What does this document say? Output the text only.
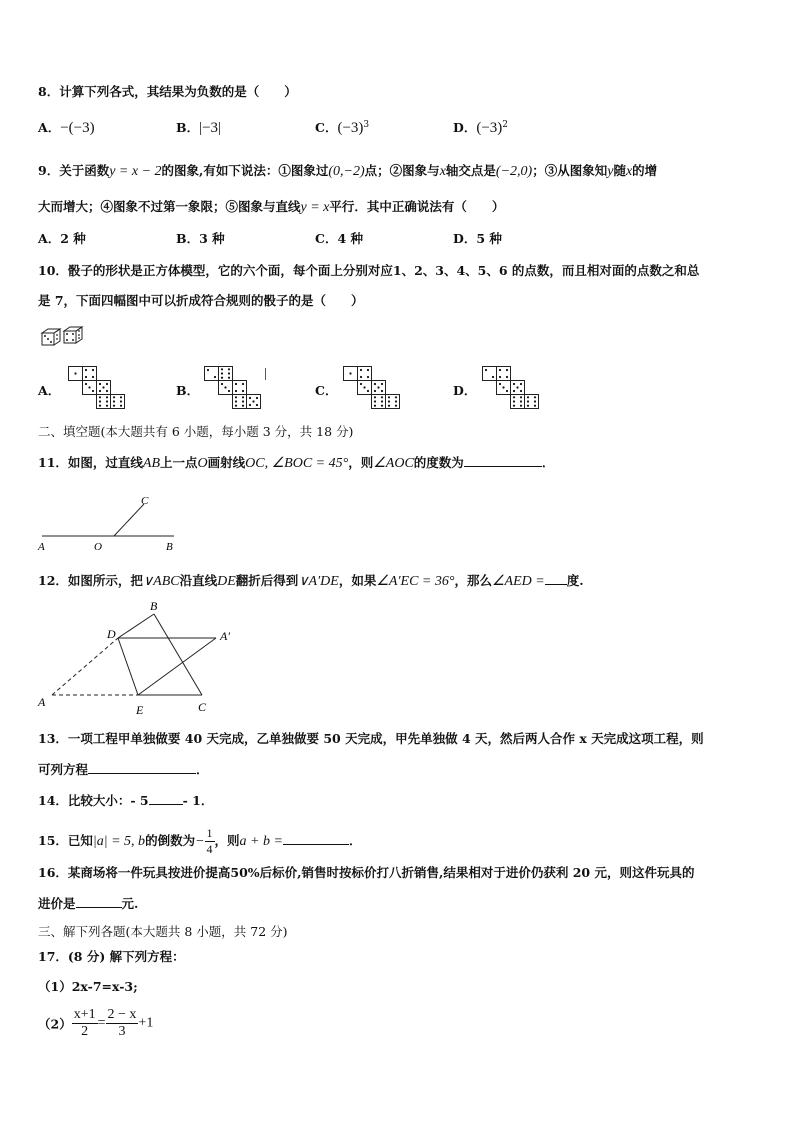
8．计算下列各式，其结果为负数的是（　　）
A．−(−3)	B．|−3|	C．$(-3)^3$	D．$(-3)^2$
9．关于函数y = x − 2的图象,有如下说法：①图象过(0,−2)点；②图象与x轴交点是(−2,0)；③从图象知y随x的增
大而增大；④图象不过第一象限；⑤图象与直线y = x平行．其中正确说法有（　　）
A．2 种	B．3 种	C．4 种	D．5 种
10．骰子的形状是正方体模型，它的六个面，每个面上分别对应1、2、3、4、5、6 的点数，而且相对面的点数之和总
是 7，下面四幅图中可以折成符合规则的骰子的是（　　）
A．	B．	C．	D．
二、填空题(本大题共有 6 小题，每小题 3 分，共 18 分)
11．如图，过直线AB上一点O画射线OC, ∠BOC = 45°，则∠AOC的度数为	．
A	O	B
C
12．如图所示，把∨ABC沿直线DE翻折后得到∨A′DE，如果∠A′EC = 36°，那么∠AED = 度.
A
B
C
D
E
A′
13．一项工程甲单独做要 40 天完成，乙单独做要 50 天完成，甲先单独做 4 天，然后两人合作 x 天完成这项工程，则
可列方程	．
14．比较大小：- 5	- 1．
15．已知|a| = 5, b的倒数为− $\frac{1}{4}$ ，则a + b =	．
16．某商场将一件玩具按进价提高50%后标价,销售时按标价打八折销售,结果相对于进价仍获利 20 元，则这件玩具的
进价是	元.
三、解下列各题(本大题共 8 小题，共 72 分)
17．(8 分) 解下列方程：
（1）2x-7=x-3;
$(2) \frac{x+1}{2} = \frac{2 - x}{3} +1$
